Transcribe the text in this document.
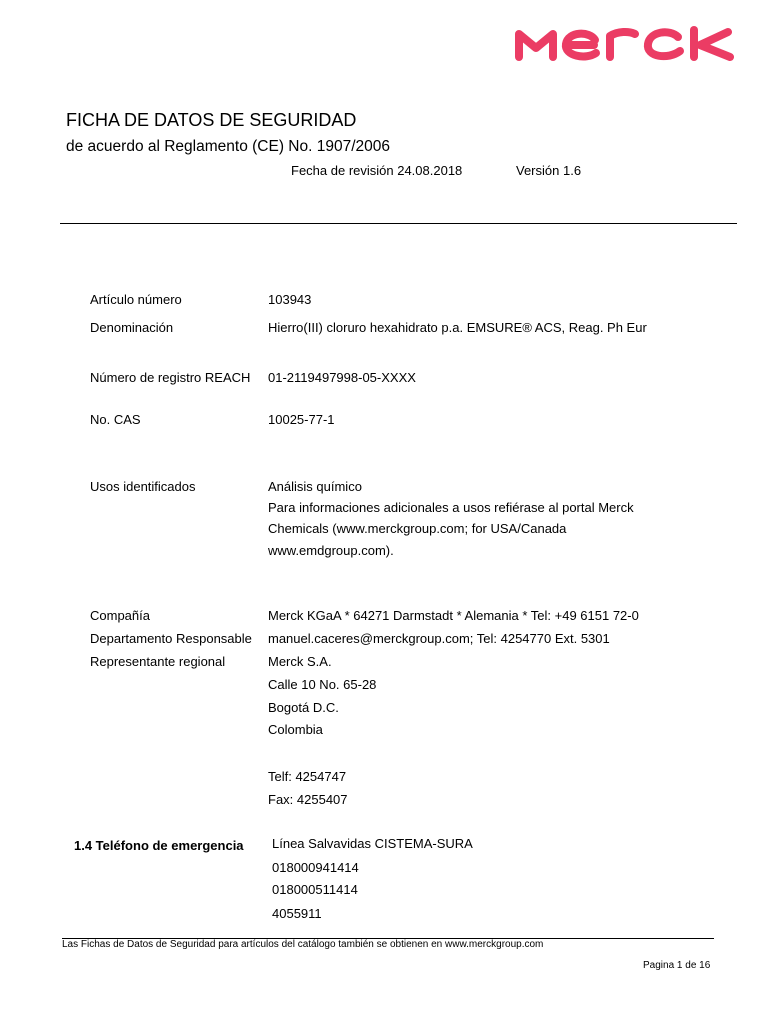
FICHA DE DATOS DE SEGURIDAD
de acuerdo al Reglamento (CE) No. 1907/2006
Fecha de revisión 24.08.2018	Versión 1.6
Artículo número	103943
Denominación	Hierro(III) cloruro hexahidrato p.a. EMSURE® ACS, Reag. Ph Eur
Número de registro REACH 01-2119497998-05-XXXX
No. CAS	10025-77-1
Usos identificados	Análisis químico
Para informaciones adicionales a usos refiérase al portal Merck
Chemicals (www.merckgroup.com; for USA/Canada
www.emdgroup.com).
Compañía	Merck KGaA * 64271 Darmstadt * Alemania * Tel: +49 6151 72-0
Departamento Responsable manuel.caceres@merckgroup.com; Tel: 4254770 Ext. 5301
Representante regional	Merck S.A.
Calle 10 No. 65-28
Bogotá D.C.
Colombia
Telf: 4254747
Fax: 4255407
1.4 Teléfono de emergencia Línea Salvavidas CISTEMA-SURA
018000941414
018000511414
4055911
Las Fichas de Datos de Seguridad para artículos del catálogo también se obtienen en www.merckgroup.com
Pagina 1 de 16
